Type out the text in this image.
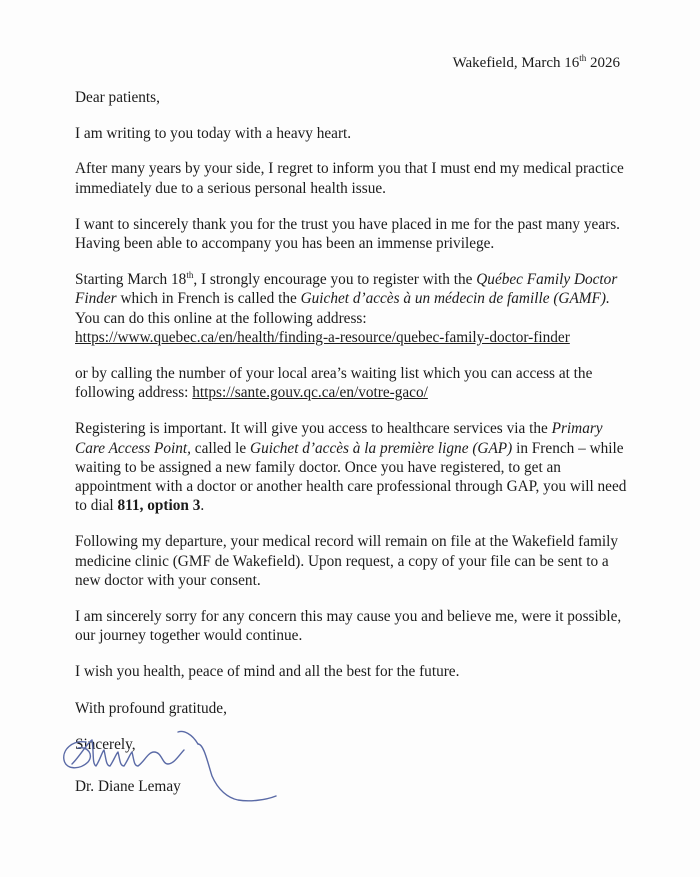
Wakefield, March 16th 2026

Dear patients,

I am writing to you today with a heavy heart.

After many years by your side, I regret to inform you that I must end my medical practice immediately due to a serious personal health issue.

I want to sincerely thank you for the trust you have placed in me for the past many years. Having been able to accompany you has been an immense privilege.

Starting March 18th, I strongly encourage you to register with the Québec Family Doctor Finder which in French is called the Guichet d’accès à un médecin de famille (GAMF). You can do this online at the following address:
https://www.quebec.ca/en/health/finding-a-resource/quebec-family-doctor-finder

or by calling the number of your local area’s waiting list which you can access at the following address: https://sante.gouv.qc.ca/en/votre-gaco/

Registering is important. It will give you access to healthcare services via the Primary Care Access Point, called le Guichet d’accès à la première ligne (GAP) in French – while waiting to be assigned a new family doctor. Once you have registered, to get an appointment with a doctor or another health care professional through GAP, you will need to dial 811, option 3.

Following my departure, your medical record will remain on file at the Wakefield family medicine clinic (GMF de Wakefield). Upon request, a copy of your file can be sent to a new doctor with your consent.

I am sincerely sorry for any concern this may cause you and believe me, were it possible, our journey together would continue.

I wish you health, peace of mind and all the best for the future.

With profound gratitude,

Sincerely,

Dr. Diane Lemay
